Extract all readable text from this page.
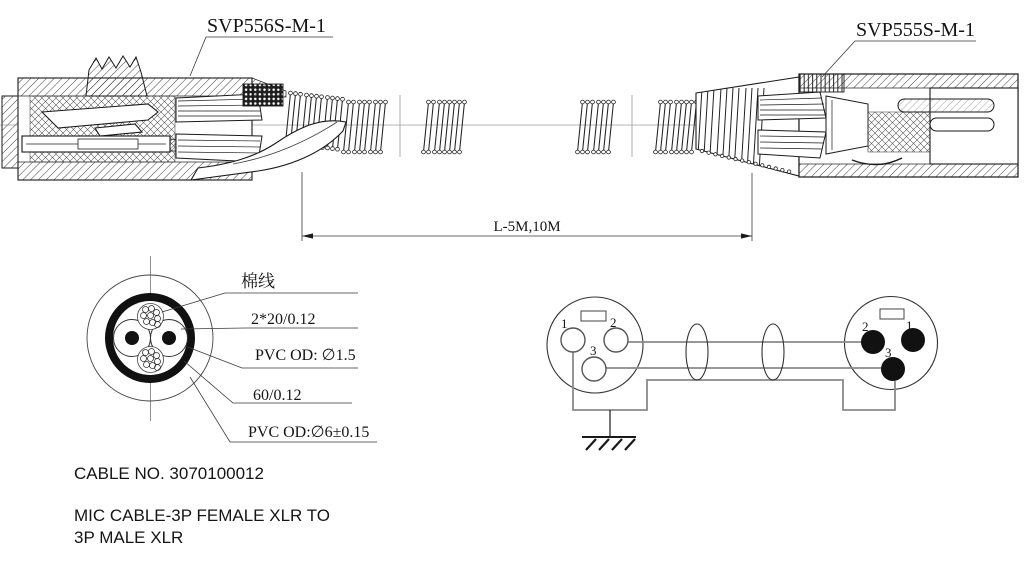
SVP556S-M-1	SVP555S-M-1
L-5M,10M
棉线
2*20/0.12
PVC OD: ∅1.5
60/0.12
PVC OD:∅6±0.15
1	2
3
2	1
3
CABLE NO. 3070100012
MIC CABLE-3P FEMALE XLR TO
3P MALE XLR
